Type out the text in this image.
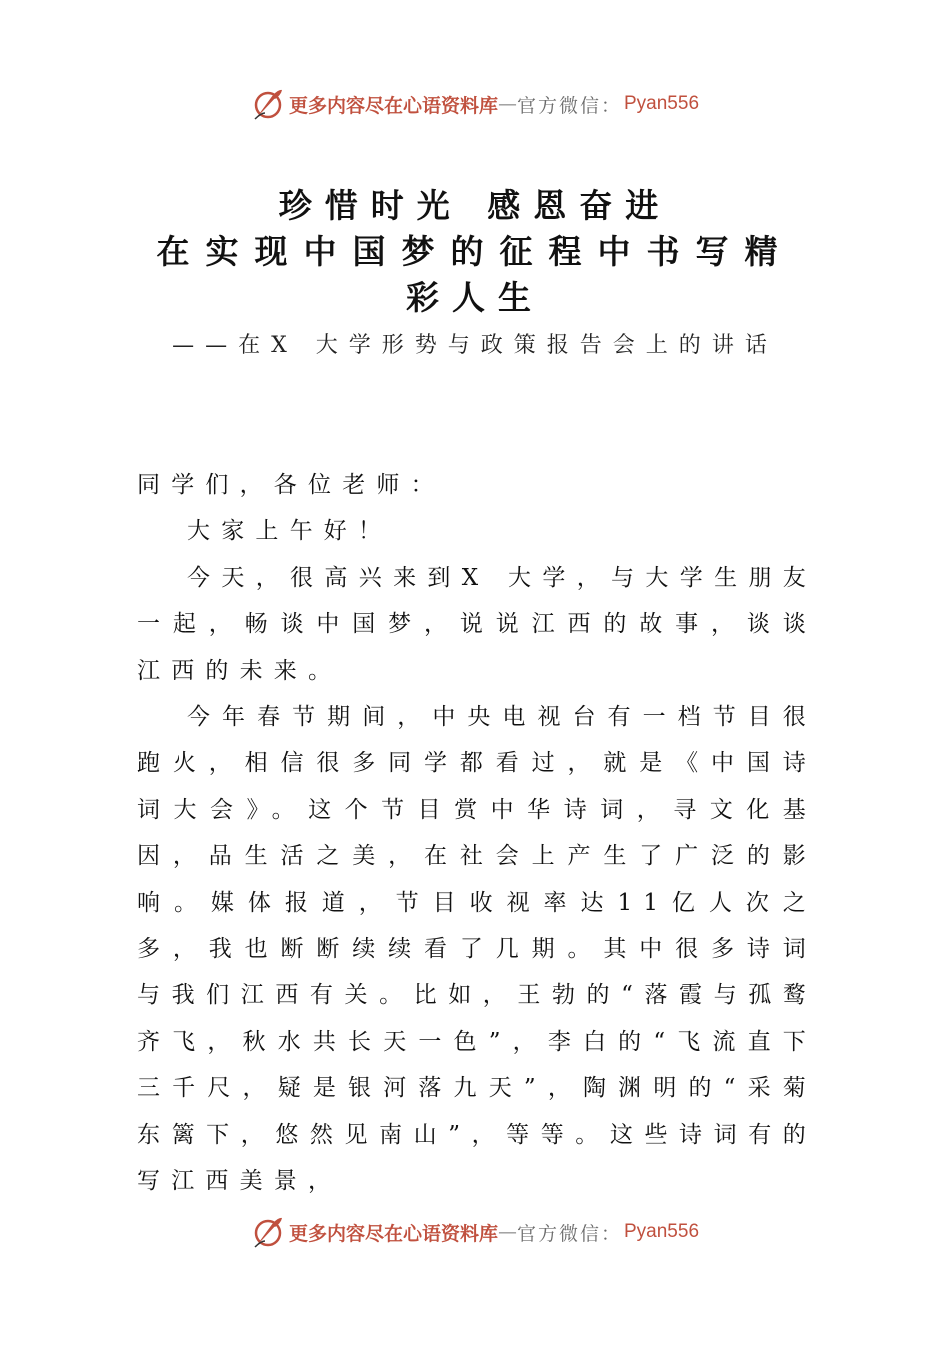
更多内容尽在心语资料库 — 官方微信： Pyan556
珍惜时光 感恩奋进
在实现中国梦的征程中书写精
彩人生
——在X 大学形势与政策报告会上的讲话

同学们，各位老师：

大家上午好！

今天，很高兴来到X 大学，与大学生朋友一起，畅谈中国梦，说说江西的故事，谈谈江西的未来。

今年春节期间，中央电视台有一档节目很跑火，相信很多同学都看过，就是《中国诗词大会》。这个节目赏中华诗词，寻文化基因，品生活之美，在社会上产生了广泛的影响。媒体报道，节目收视率达11亿人次之多，我也断断续续看了几期。其中很多诗词与我们江西有关。比如，王勃的“落霞与孤鹜齐飞，秋水共长天一色”，李白的“飞流直下三千尺，疑是银河落九天”，陶渊明的“采菊东篱下，悠然见南山”，等等。这些诗词有的写江西美景，

更多内容尽在心语资料库 — 官方微信： Pyan556
